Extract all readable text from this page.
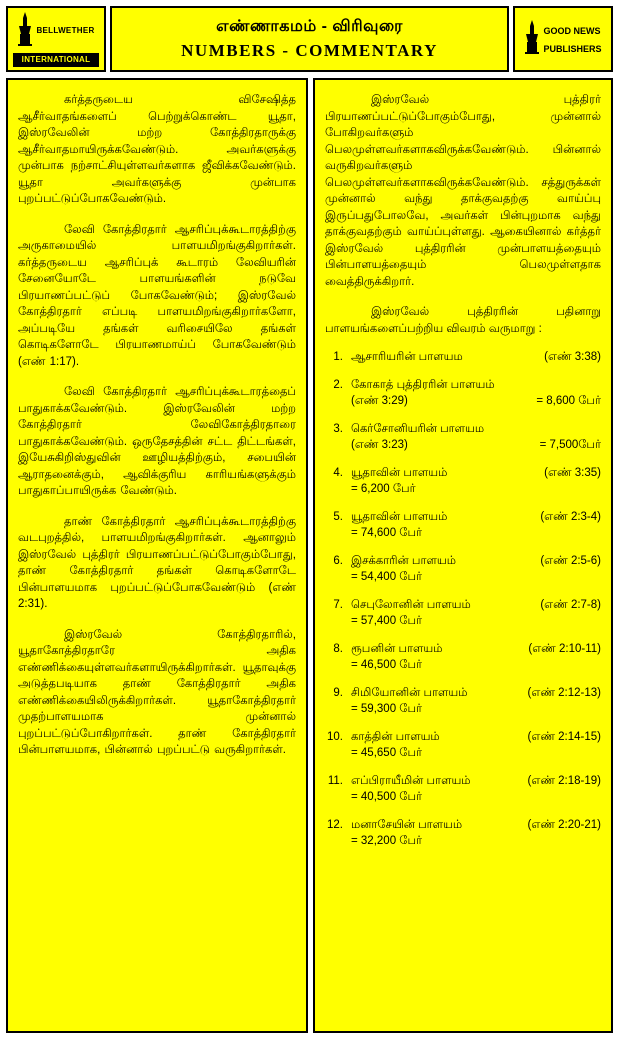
BELLWETHER
INTERNATIONAL
எண்ணாகமம் - விரிவுரை
NUMBERS - COMMENTARY
GOOD NEWS
PUBLISHERS

கர்த்தருடைய விசேஷித்த ஆசீர்வாதங்களைப் பெற்றுக்கொண்ட யூதா, இஸ்ரவேலின் மற்ற கோத்திரதாருக்கு ஆசீர்வாதமாயிருக்கவேண்டும். அவர்களுக்கு முன்பாக நற்சாட்சியுள்ளவர்களாக ஜீவிக்கவேண்டும். யூதா அவர்களுக்கு முன்பாக புறப்பட்டுப்போகவேண்டும்.

லேவி கோத்திரதார் ஆசரிப்புக்கூடாரத்திற்கு அருகாமையில் பாளயமிறங்குகிறார்கள். கர்த்தருடைய ஆசரிப்புக் கூடாரம் லேவியரின் சேனையோடே பாளயங்களின் நடுவே பிரயாணப்பட்டுப் போகவேண்டும்; இஸ்ரவேல் கோத்திரதார் எப்படி பாளயமிறங்குகிறார்களோ, அப்படியே தங்கள் வரிசையிலே தங்கள் கொடிகளோடே பிரயாணமாய்ப் போகவேண்டும் (எண் 1:17).

லேவி கோத்திரதார் ஆசரிப்புக்கூடாரத்தைப் பாதுகாக்கவேண்டும். இஸ்ரவேலின் மற்ற கோத்திரதார் லேவிகோத்திரதாரை பாதுகாக்கவேண்டும். ஒருதேசத்தின் சட்ட திட்டங்கள், இயேசுகிறிஸ்துவின் ஊழியத்திற்கும், சபையின் ஆராதனைக்கும், ஆவிக்குரிய காரியங்களுக்கும் பாதுகாப்பாயிருக்க வேண்டும்.

தாண் கோத்திரதார் ஆசரிப்புக்கூடாரத்திற்கு வடபுறத்தில், பாளயமிறங்குகிறார்கள். ஆனாலும் இஸ்ரவேல் புத்திரர் பிரயாணப்பட்டுப்போகும்போது, தாண் கோத்திரதார் தங்கள் கொடிகளோடே பின்பாளயமாக புறப்பட்டுப்போகவேண்டும் (எண் 2:31).

இஸ்ரவேல் கோத்திரதாரில், யூதாகோத்திரதாரே அதிக எண்ணிக்கையுள்ளவர்களாயிருக்கிறார்கள். யூதாவுக்கு அடுத்தபடியாக தாண் கோத்திரதார் அதிக எண்ணிக்கையிலிருக்கிறார்கள். யூதாகோத்திரதார் முதற்பாளயமாக முன்னால் புறப்பட்டுப்போகிறார்கள். தாண் கோத்திரதார் பின்பாளயமாக, பின்னால் புறப்பட்டு வருகிறார்கள்.

இஸ்ரவேல் புத்திரர் பிரயாணப்பட்டுப்போகும்போது, முன்னால் போகிறவர்களும் பெலமுள்ளவர்களாகவிருக்கவேண்டும். பின்னால் வருகிறவர்களும் பெலமுள்ளவர்களாகவிருக்கவேண்டும். சத்துருக்கள் முன்னால் வந்து தாக்குவதற்கு வாய்ப்பு இருப்பதுபோலவே, அவர்கள் பின்புறமாக வந்து தாக்குவதற்கும் வாய்ப்புள்ளது. ஆகையினால் கர்த்தர் இஸ்ரவேல் புத்திரரின் முன்பாளயத்தையும் பின்பாளயத்தையும் பெலமுள்ளதாக வைத்திருக்கிறார்.

இஸ்ரவேல் புத்திரரின் பதினாறு பாளயங்களைப்பற்றிய விவரம் வருமாறு :

1. ஆசாரியரின் பாளயம	(எண் 3:38)
2. கோகாத் புத்திரரின் பாளயம்
(எண் 3:29)	= 8,600 பேர்
3. கெர்சோனியரின் பாளயம
(எண் 3:23)	= 7,500பேர்
4. யூதாவின் பாளயம்	(எண் 3:35)
= 6,200 பேர்
5. யூதாவின் பாளயம்	(எண் 2:3-4)
= 74,600 பேர்
6. இசக்காரின் பாளயம்	(எண் 2:5-6)
= 54,400 பேர்
7. செபுலோனின் பாளயம்	(எண் 2:7-8)
= 57,400 பேர்
8. ரூபனின் பாளயம்	(எண் 2:10-11)
= 46,500 பேர்
9. சிமியோனின் பாளயம்	(எண் 2:12-13)
= 59,300 பேர்
10. காத்தின் பாளயம்	(எண் 2:14-15)
= 45,650 பேர்
11. எப்பிராயீமின் பாளயம்	(எண் 2:18-19)
= 40,500 பேர்
12. மனாசேயின் பாளயம்	(எண் 2:20-21)
= 32,200 பேர்
